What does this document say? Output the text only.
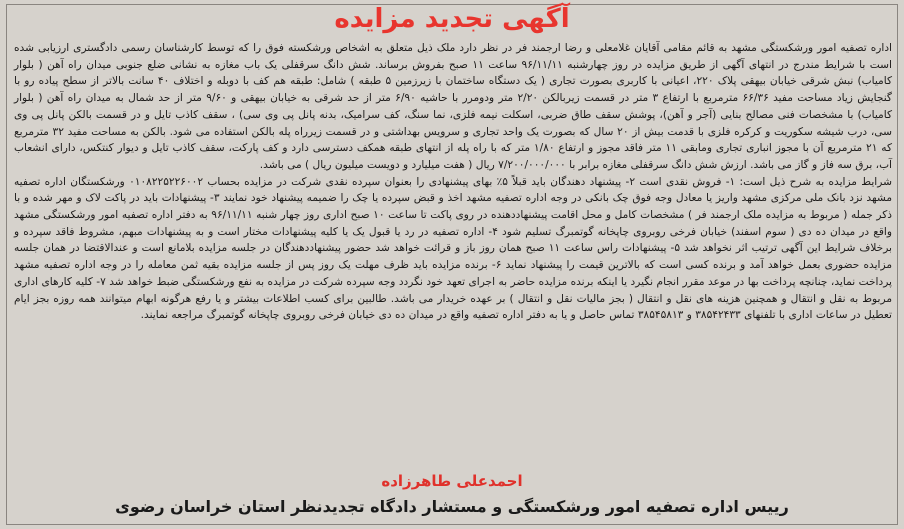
آگهی تجدید مزایده

اداره تصفیه امور ورشکستگی مشهد به قائم مقامی آقایان غلامعلی و رضا ارجمند فر در نظر دارد ملک ذیل متعلق به اشخاص ورشکسته فوق را که توسط کارشناسان رسمی دادگستری ارزیابی شده است با شرایط مندرج در انتهای آگهی از طریق مزایده در روز چهارشنبه ۹۶/۱۱/۱۱ ساعت ۱۱ صبح بفروش برساند. شش دانگ سرقفلی یک باب مغازه به نشانی ضلع جنوبی میدان راه آهن ( بلوار کامیاب) نبش شرقی خیابان بیهقی پلاک ۲۲۰، اعیانی با کاربری بصورت تجاری ( یک دستگاه ساختمان با زیرزمین ۵ طبقه ) شامل: طبقه هم کف با دوبله و اختلاف ۴۰ سانت بالاتر از سطح پیاده رو با گنجایش زیاد مساحت مفید ۶۶/۳۶ مترمربع با ارتفاع ۳ متر در قسمت زیربالکن ۲/۲۰ متر ودومرر با حاشیه ۶/۹۰ متر از حد شرقی به خیابان بیهقی و ۹/۶۰ متر از حد شمال به میدان راه آهن ( بلوار کامیاب) با مشخصات فنی مصالح بنایی (آجر و آهن)، پوشش سقف طاق ضربی، اسکلت نیمه فلزی، نما سنگ، کف سرامیک، بدنه پانل پی وی سی) ، سقف کاذب تایل و در قسمت بالکن پانل پی وی سی، درب شیشه سکوریت و کرکره فلزی با قدمت بیش از ۲۰ سال که بصورت یک واحد تجاری و سرویس بهداشتی و در قسمت زیرراه پله بالکن استفاده می شود. بالکن به مساحت مفید ۳۲ مترمربع که ۲۱ مترمربع آن با مجوز انباری تجاری ومابقی ۱۱ متر فاقد مجوز و ارتفاع ۱/۸۰ متر که با راه پله از انتهای طبقه همکف دسترسی دارد و کف پارکت، سقف کاذب تایل و دیوار کنتکس، دارای انشعاب آب، برق سه فاز و گاز می باشد. ارزش شش دانگ سرقفلی مغازه برابر با ۷/۲۰۰/۰۰۰/۰۰۰ ریال ( هفت میلیارد و دویست میلیون ریال ) می باشد.

شرایط مزایده به شرح ذیل است: ۱- فروش نقدی است ۲- پیشنهاد دهندگان باید قبلاً ۵٪ بهای پیشنهادی را بعنوان سپرده نقدی شرکت در مزایده بحساب ۰۱۰۸۲۲۵۲۲۶۰۰۲ ورشکستگان اداره تصفیه مشهد نزد بانک ملی مرکزی مشهد واریز یا معادل وجه فوق چک بانکی در وجه اداره تصفیه مشهد اخذ و قبض سپرده یا چک را ضمیمه پیشنهاد خود نمایند ۳- پیشنهادات باید در پاکت لاک و مهر شده و با ذکر جمله ( مربوط به مزایده ملک ارجمند فر ) مشخصات کامل و محل اقامت پیشنهاددهنده در روی پاکت تا ساعت ۱۰ صبح اداری روز چهار شنبه ۹۶/۱۱/۱۱ به دفتر اداره تصفیه امور ورشکستگی مشهد واقع در میدان ده دی ( سوم اسفند) خیابان فرخی روبروی چاپخانه گوتمبرگ تسلیم شود ۴- اداره تصفیه در رد یا قبول یک یا کلیه پیشنهادات مختار است و به پیشنهادات مبهم، مشروط فاقد سپرده و برخلاف شرایط این آگهی ترتیب اثر نخواهد شد ۵- پیشنهادات راس ساعت ۱۱ صبح همان روز باز و قرائت خواهد شد حضور پیشنهاددهندگان در جلسه مزایده بلامانع است و عندالاقتضا در همان جلسه مزایده حضوری بعمل خواهد آمد و برنده کسی است که بالاترین قیمت را پیشنهاد نماید ۶- برنده مزایده باید ظرف مهلت یک روز پس از جلسه مزایده بقیه ثمن معامله را در وجه اداره تصفیه مشهد پرداخت نماید، چنانچه پرداخت بها در موعد مقرر انجام نگیرد یا اینکه برنده مزایده حاضر به اجرای تعهد خود نگردد وجه سپرده شرکت در مزایده به نفع ورشکستگی ضبط خواهد شد ۷- کلیه کارهای اداری مربوط به نقل و انتقال و همچنین هزینه های نقل و انتقال ( بجز مالیات نقل و انتقال ) بر عهده خریدار می باشد. طالبین برای کسب اطلاعات بیشتر و یا رفع هرگونه ابهام میتوانند همه روزه بجز ایام تعطیل در ساعات اداری با تلفنهای ۳۸۵۴۲۴۳۳ و ۳۸۵۴۵۸۱۳ تماس حاصل و یا به دفتر اداره تصفیه واقع در میدان ده دی خیابان فرخی روبروی چاپخانه گوتمبرگ مراجعه نمایند.

احمدعلی طاهرزاده
رییس اداره تصفیه امور ورشکستگی و مستشار دادگاه تجدیدنظر استان خراسان رضوی
